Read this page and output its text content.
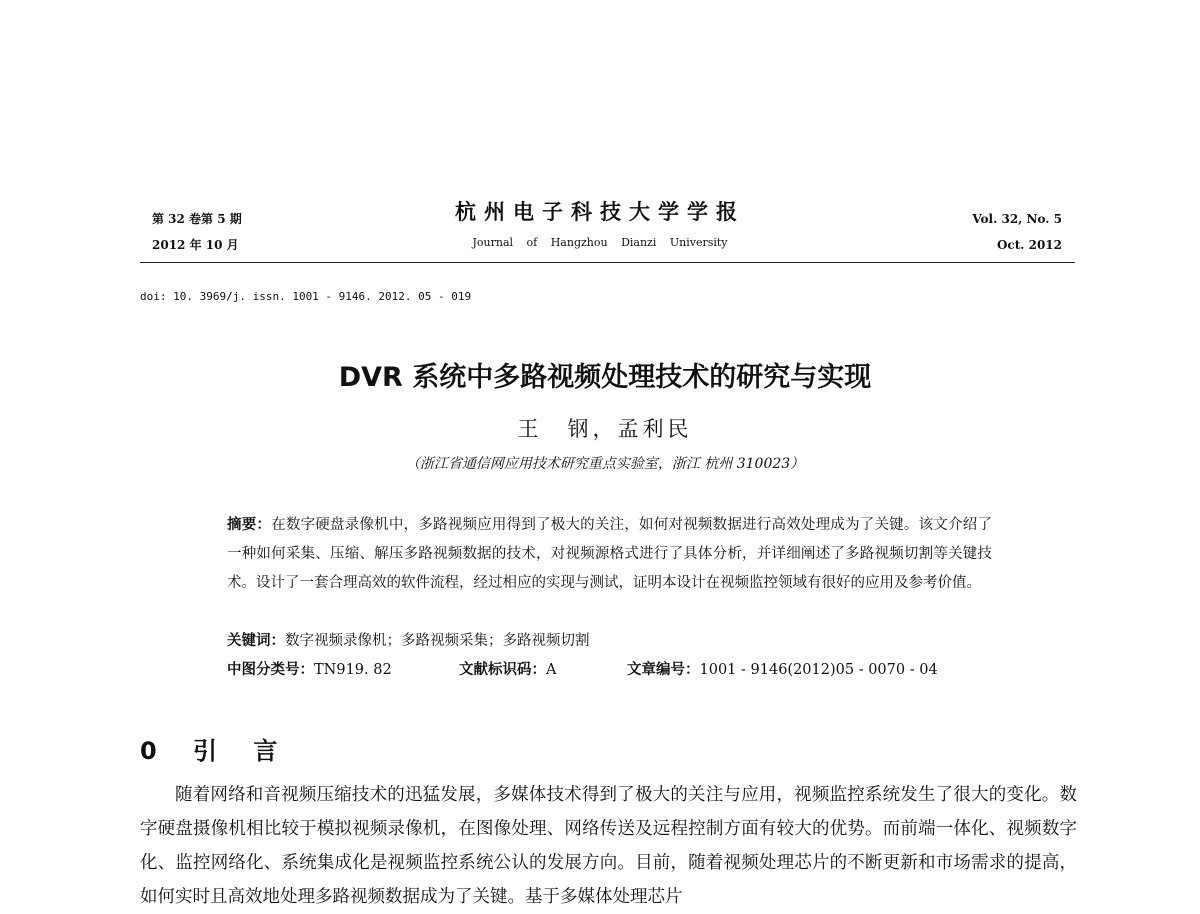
第 32 卷第 5 期
2012 年 10 月
杭州电子科技大学学报
Journal of Hangzhou Dianzi University
Vol. 32, No. 5
Oct. 2012
doi: 10. 3969/j. issn. 1001 - 9146. 2012. 05 - 019
DVR 系统中多路视频处理技术的研究与实现
王　钢，孟利民
（浙江省通信网应用技术研究重点实验室，浙江 杭州 310023）
摘要：在数字硬盘录像机中，多路视频应用得到了极大的关注，如何对视频数据进行高效处理成为了关键。该文介绍了一种如何采集、压缩、解压多路视频数据的技术，对视频源格式进行了具体分析，并详细阐述了多路视频切割等关键技术。设计了一套合理高效的软件流程，经过相应的实现与测试，证明本设计在视频监控领域有很好的应用及参考价值。
关键词：数字视频录像机；多路视频采集；多路视频切割
中图分类号：TN919. 82	文献标识码：A	文章编号：1001 - 9146(2012)05 - 0070 - 04
0 引 言
随着网络和音视频压缩技术的迅猛发展，多媒体技术得到了极大的关注与应用，视频监控系统发生了很大的变化。数字硬盘摄像机相比较于模拟视频录像机，在图像处理、网络传送及远程控制方面有较大的优势。而前端一体化、视频数字化、监控网络化、系统集成化是视频监控系统公认的发展方向。目前，随着视频处理芯片的不断更新和市场需求的提高，如何实时且高效地处理多路视频数据成为了关键。基于多媒体处理芯片
